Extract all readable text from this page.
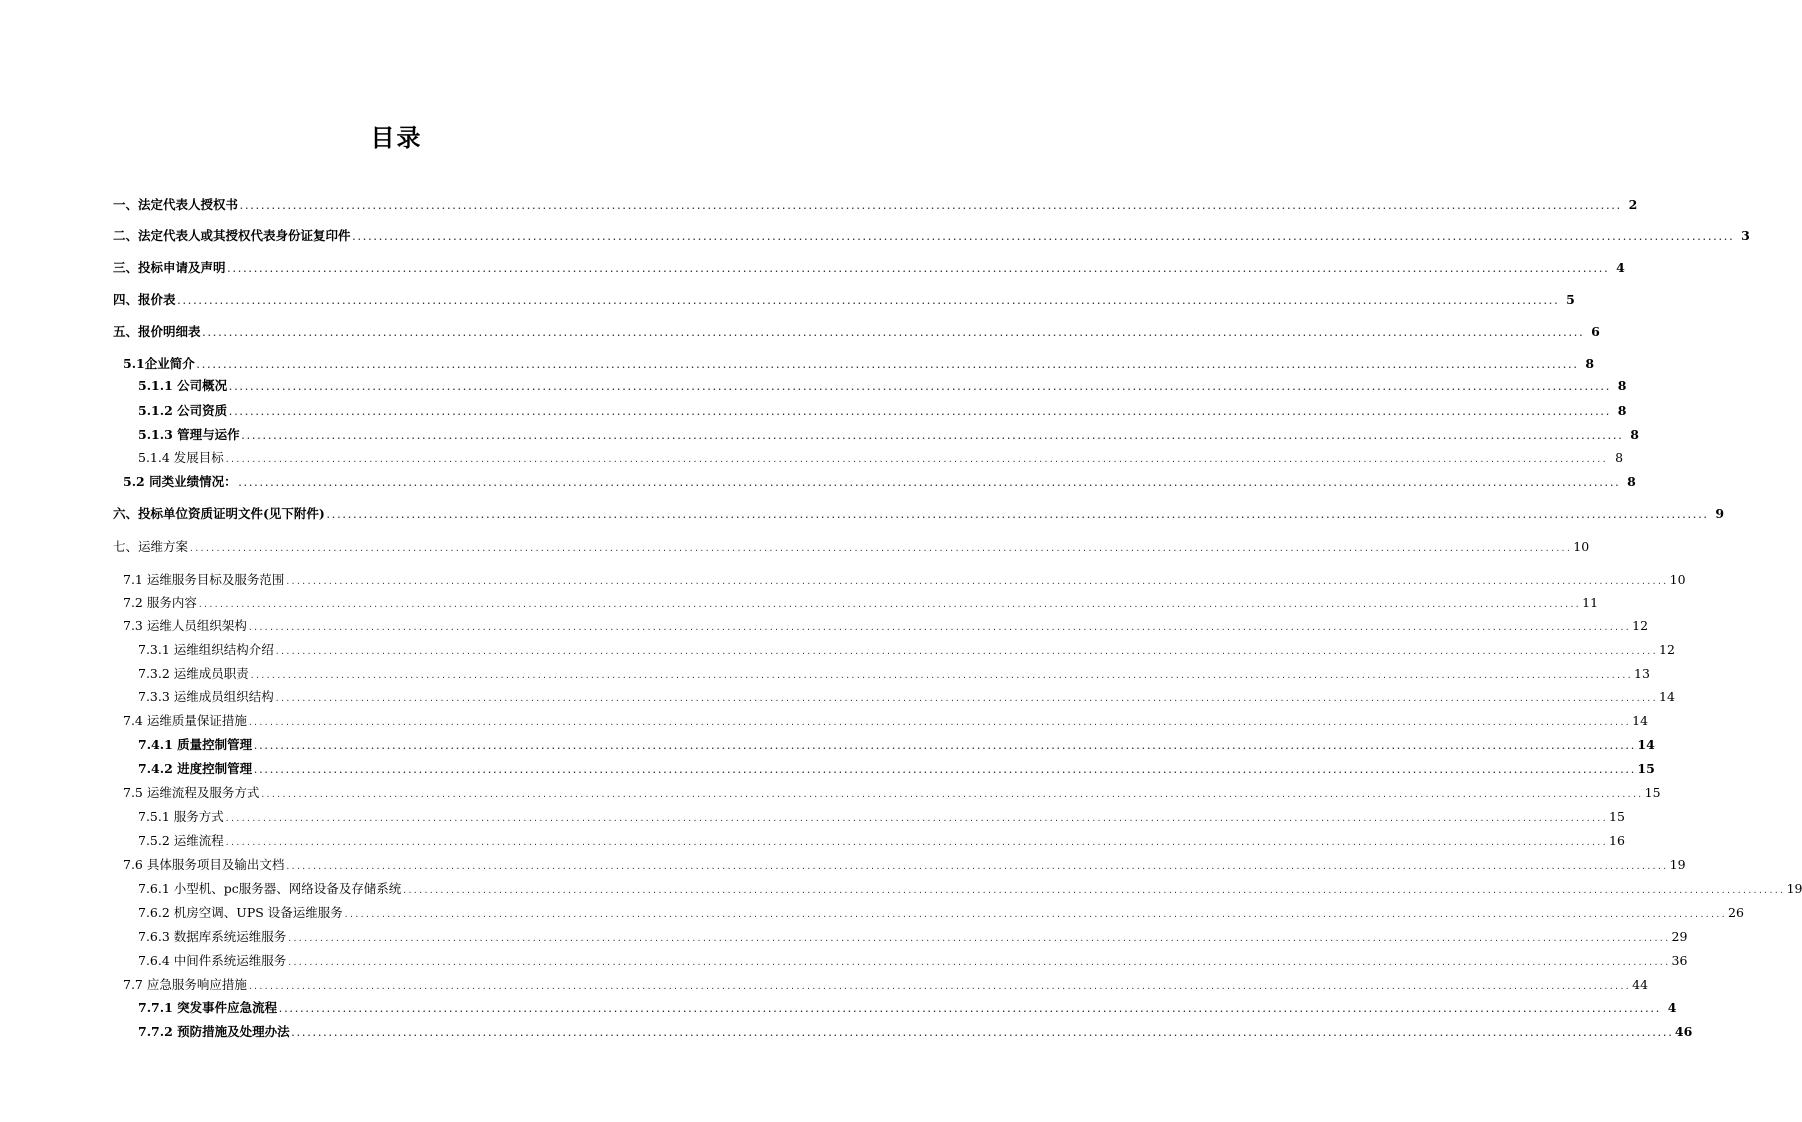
目录
一、法定代表人授权书 .................................................................................................................................................................................................................................................................... 2
二、法定代表人或其授权代表身份证复印件 .................................................................................................................................................................................................................................................................... 3
三、投标申请及声明 .................................................................................................................................................................................................................................................................... 4
四、报价表 .................................................................................................................................................................................................................................................................... 5
五、报价明细表 .................................................................................................................................................................................................................................................................... 6
5.1企业简介 .................................................................................................................................................................................................................................................................... 8
5.1.1 公司概况 .................................................................................................................................................................................................................................................................... 8
5.1.2 公司资质 .................................................................................................................................................................................................................................................................... 8
5.1.3 管理与运作 .................................................................................................................................................................................................................................................................... 8
5.1.4 发展目标 .................................................................................................................................................................................................................................................................... 8
5.2 同类业绩情况： .................................................................................................................................................................................................................................................................... 8
六、投标单位资质证明文件(见下附件) .................................................................................................................................................................................................................................................................... 9
七、运维方案 .................................................................................................................................................................................................................................................................... 10
7.1 运维服务目标及服务范围 .................................................................................................................................................................................................................................................................... 10
7.2 服务内容 .................................................................................................................................................................................................................................................................... 11
7.3 运维人员组织架构 .................................................................................................................................................................................................................................................................... 12
7.3.1 运维组织结构介绍 .................................................................................................................................................................................................................................................................... 12
7.3.2 运维成员职责 .................................................................................................................................................................................................................................................................... 13
7.3.3 运维成员组织结构 .................................................................................................................................................................................................................................................................... 14
7.4 运维质量保证措施 .................................................................................................................................................................................................................................................................... 14
7.4.1 质量控制管理 .................................................................................................................................................................................................................................................................... 14
7.4.2 进度控制管理 .................................................................................................................................................................................................................................................................... 15
7.5 运维流程及服务方式 .................................................................................................................................................................................................................................................................... 15
7.5.1 服务方式 .................................................................................................................................................................................................................................................................... 15
7.5.2 运维流程 .................................................................................................................................................................................................................................................................... 16
7.6 具体服务项目及输出文档 .................................................................................................................................................................................................................................................................... 19
7.6.1 小型机、pc服务器、网络设备及存储系统 .................................................................................................................................................................................................................................................................... 19
7.6.2 机房空调、UPS 设备运维服务 .................................................................................................................................................................................................................................................................... 26
7.6.3 数据库系统运维服务 .................................................................................................................................................................................................................................................................... 29
7.6.4 中间件系统运维服务 .................................................................................................................................................................................................................................................................... 36
7.7 应急服务响应措施 .................................................................................................................................................................................................................................................................... 44
7.7.1 突发事件应急流程 .................................................................................................................................................................................................................................................................... 4
7.7.2 预防措施及处理办法 .................................................................................................................................................................................................................................................................... 46
